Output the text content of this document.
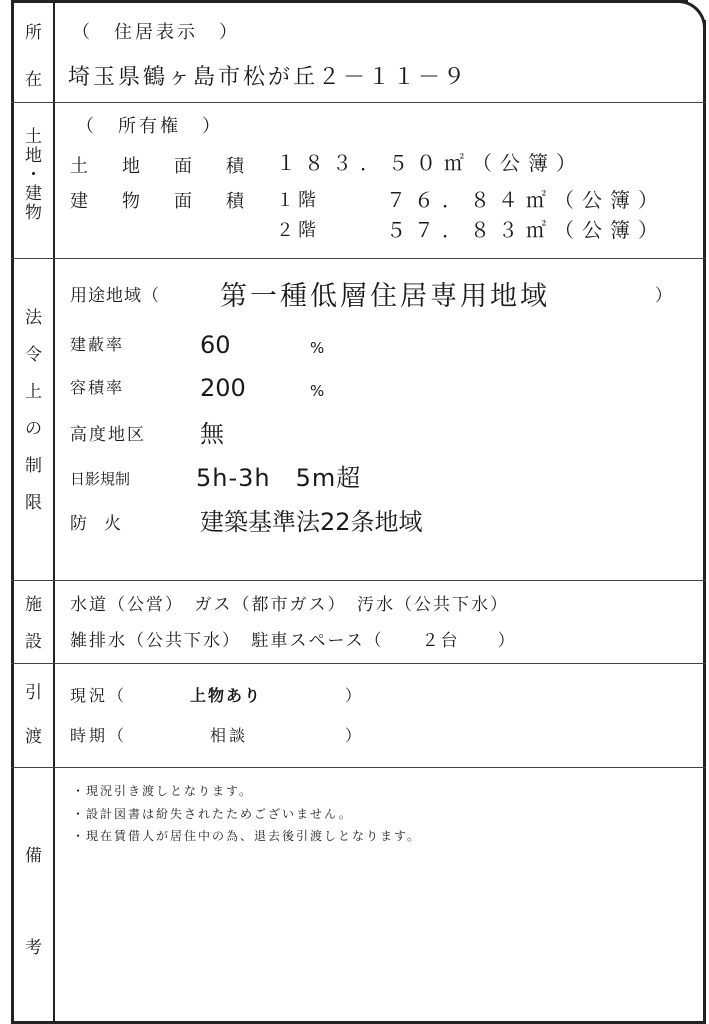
所
在
（　住居表示　）
埼玉県鶴ヶ島市松が丘２－１１－９
土
地
・
建
物
（　所有権　）
土　地　面　積 １８３．５０㎡（公簿）
建　物　面　積 １階	７６．８４㎡（公簿）
２階	５７．８３㎡（公簿）
法
令
上
の
制
限
用途地域（ 第一種低層住居専用地域	）
建蔽率	60	%
容積率	200	%
高度地区 無
日影規制	5h-3h　5m超
防　火	建築基準法22条地域
施
設
水道（公営）　ガス（都市ガス）　汚水（公共下水）
雑排水（公共下水）　駐車スペース（　　２台　　）
引
渡
現況（	上物あり	）
時期（	相談	）
備
考
・現況引き渡しとなります。
・設計図書は紛失されたためございません。
・現在賃借人が居住中の為、退去後引渡しとなります。
